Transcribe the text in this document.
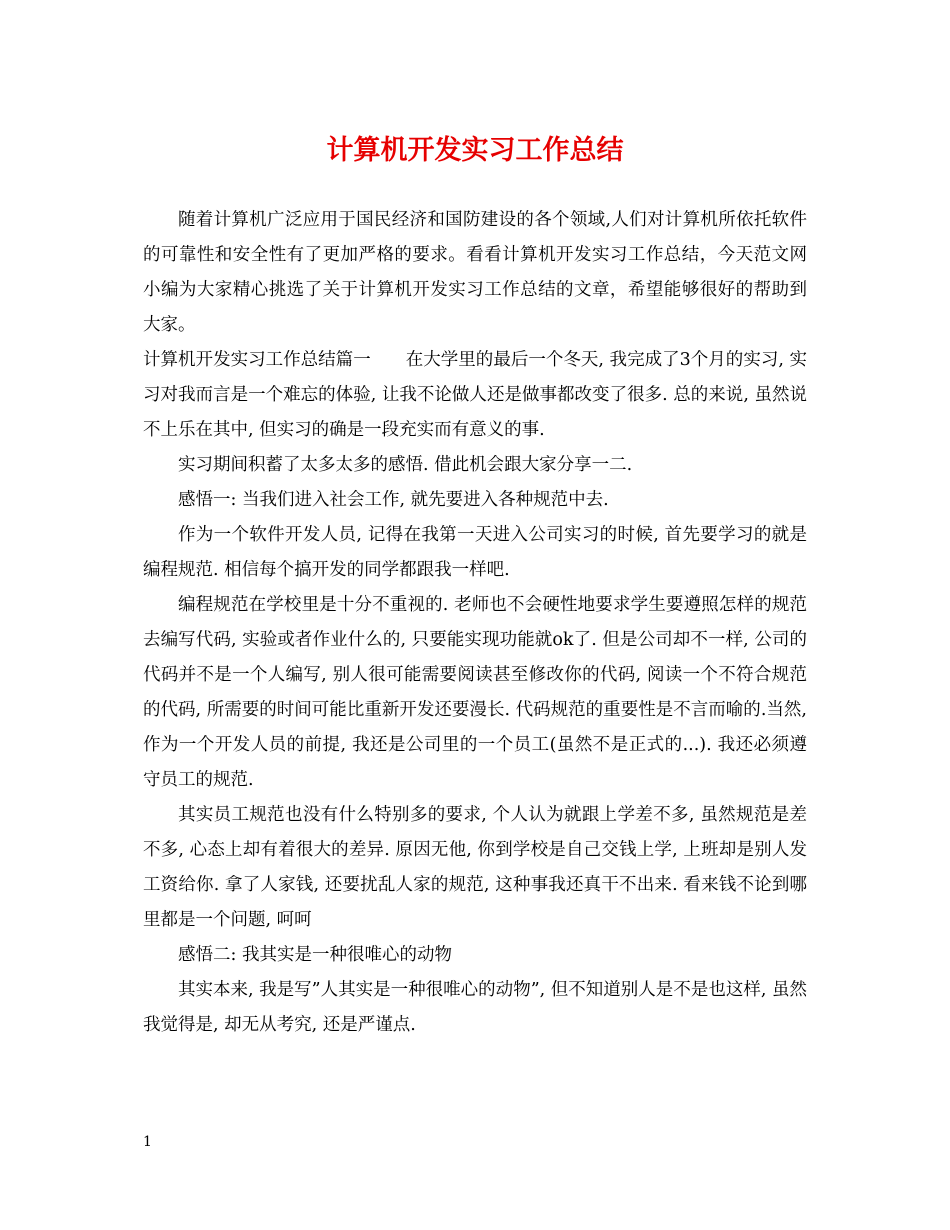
计算机开发实习工作总结

随着计算机广泛应用于国民经济和国防建设的各个领域,人们对计算机所依托软件的可靠性和安全性有了更加严格的要求。看看计算机开发实习工作总结，今天范文网小编为大家精心挑选了关于计算机开发实习工作总结的文章，希望能够很好的帮助到大家。

计算机开发实习工作总结篇一　　在大学里的最后一个冬天, 我完成了3个月的实习, 实习对我而言是一个难忘的体验, 让我不论做人还是做事都改变了很多. 总的来说, 虽然说不上乐在其中, 但实习的确是一段充实而有意义的事.

实习期间积蓄了太多太多的感悟. 借此机会跟大家分享一二.

感悟一: 当我们进入社会工作, 就先要进入各种规范中去.

作为一个软件开发人员, 记得在我第一天进入公司实习的时候, 首先要学习的就是编程规范. 相信每个搞开发的同学都跟我一样吧.

编程规范在学校里是十分不重视的. 老师也不会硬性地要求学生要遵照怎样的规范去编写代码, 实验或者作业什么的, 只要能实现功能就ok了. 但是公司却不一样, 公司的代码并不是一个人编写, 别人很可能需要阅读甚至修改你的代码, 阅读一个不符合规范的代码, 所需要的时间可能比重新开发还要漫长. 代码规范的重要性是不言而喻的.当然, 作为一个开发人员的前提, 我还是公司里的一个员工(虽然不是正式的...). 我还必须遵守员工的规范.

其实员工规范也没有什么特别多的要求, 个人认为就跟上学差不多, 虽然规范是差不多, 心态上却有着很大的差异. 原因无他, 你到学校是自己交钱上学, 上班却是别人发工资给你. 拿了人家钱, 还要扰乱人家的规范, 这种事我还真干不出来. 看来钱不论到哪里都是一个问题, 呵呵

感悟二: 我其实是一种很唯心的动物

其实本来, 我是写”人其实是一种很唯心的动物”, 但不知道别人是不是也这样, 虽然我觉得是, 却无从考究, 还是严谨点.

1
